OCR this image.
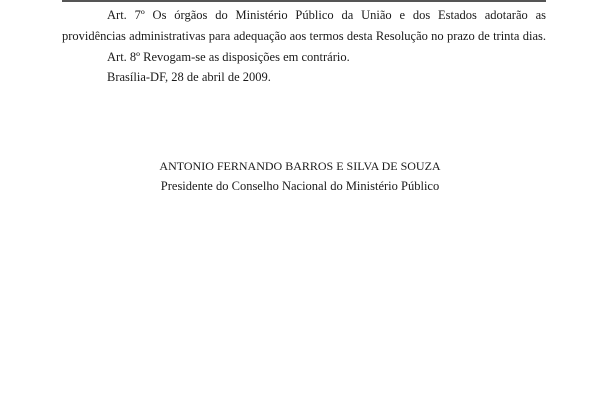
Art. 7º Os órgãos do Ministério Público da União e dos Estados adotarão as
providências administrativas para adequação aos termos desta Resolução no prazo de trinta dias.
Art. 8º Revogam-se as disposições em contrário.
Brasília-DF, 28 de abril de 2009.
ANTONIO FERNANDO BARROS E SILVA DE SOUZA
Presidente do Conselho Nacional do Ministério Público
